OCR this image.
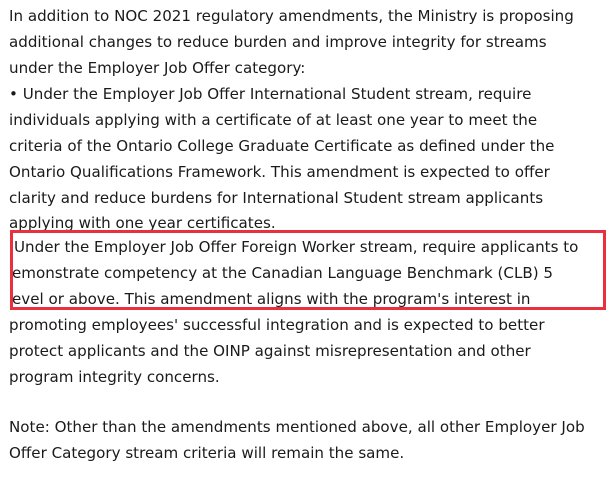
In addition to NOC 2021 regulatory amendments, the Ministry is proposing
additional changes to reduce burden and improve integrity for streams
under the Employer Job Offer category:
• Under the Employer Job Offer International Student stream, require
individuals applying with a certificate of at least one year to meet the
criteria of the Ontario College Graduate Certificate as defined under the
Ontario Qualifications Framework. This amendment is expected to offer
clarity and reduce burdens for International Student stream applicants
applying with one year certificates.
Under the Employer Job Offer Foreign Worker stream, require applicants to
emonstrate competency at the Canadian Language Benchmark (CLB) 5
evel or above. This amendment aligns with the program's interest in
promoting employees' successful integration and is expected to better
protect applicants and the OINP against misrepresentation and other
program integrity concerns.
Note: Other than the amendments mentioned above, all other Employer Job
Offer Category stream criteria will remain the same.
